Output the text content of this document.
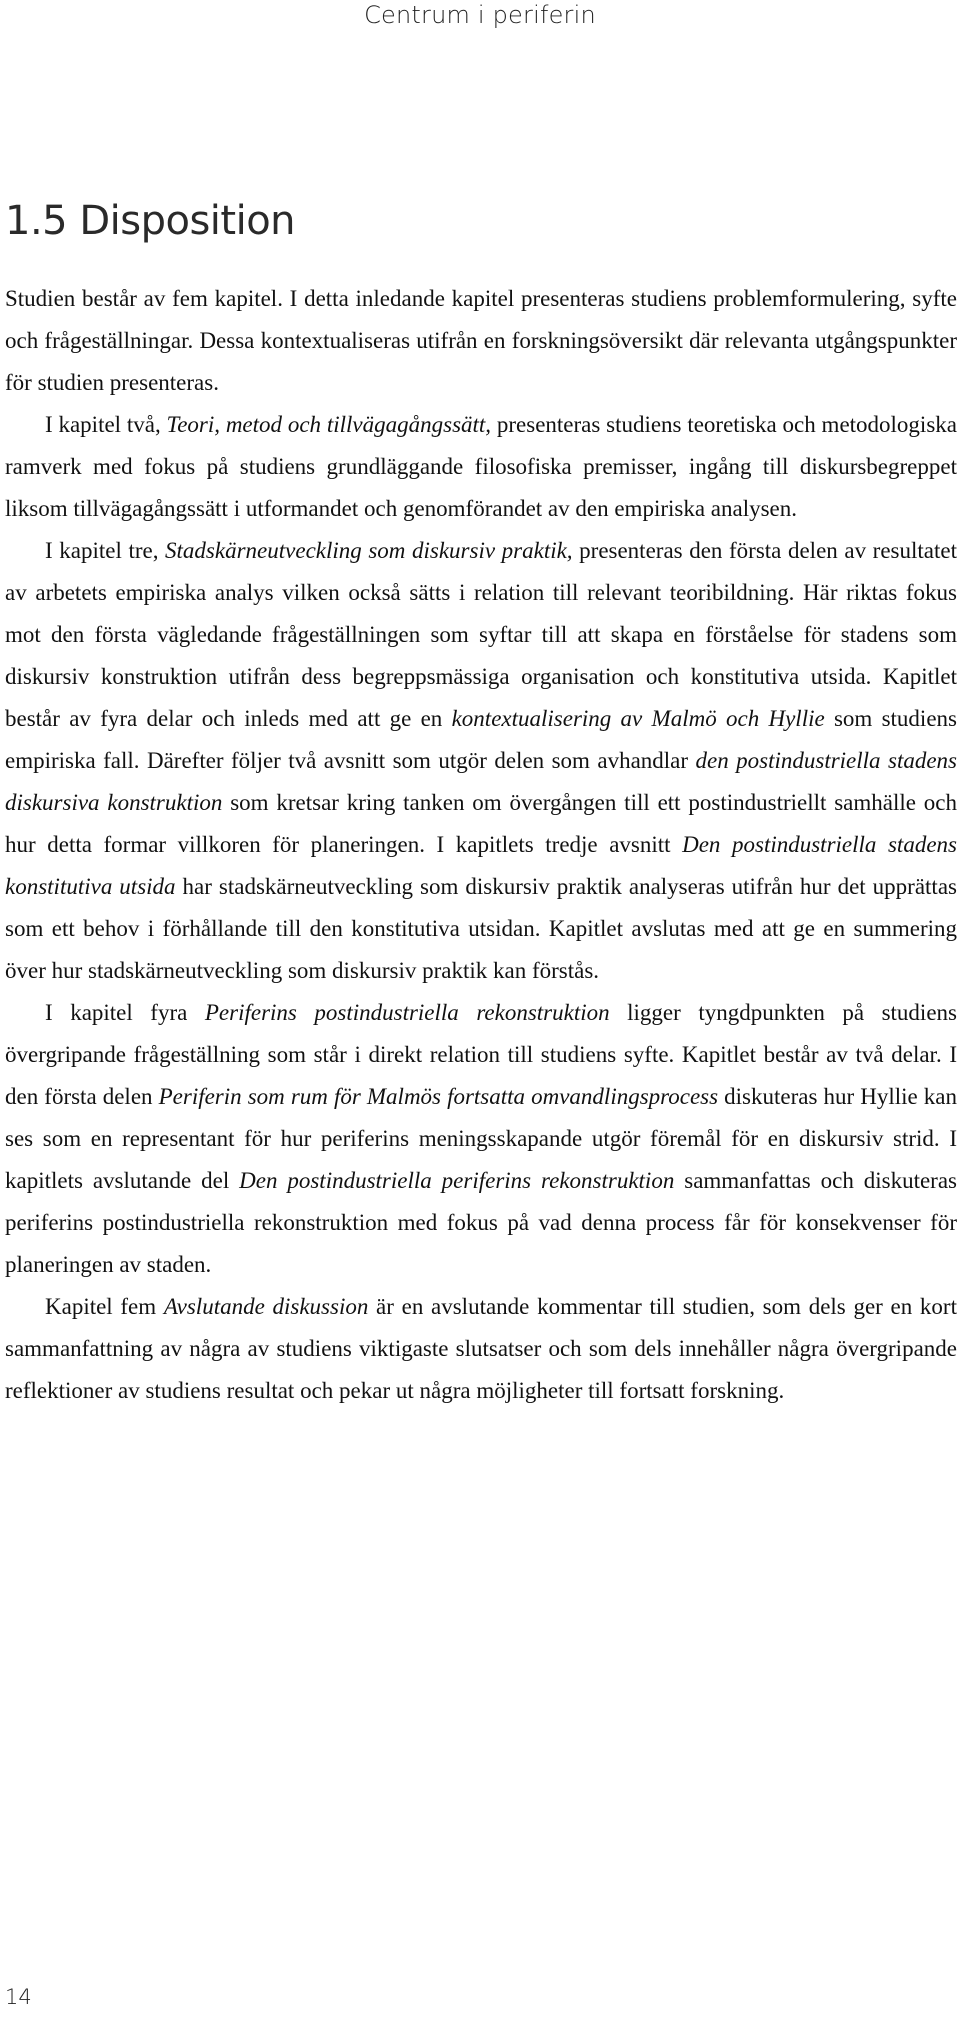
Centrum i periferin
1.5 Disposition

Studien består av fem kapitel. I detta inledande kapitel presenteras studiens problemformulering, syfte och frågeställningar. Dessa kontextualiseras utifrån en forskningsöversikt där relevanta utgångspunkter för studien presenteras.

I kapitel två, Teori, metod och tillvägagångssätt, presenteras studiens teoretiska och metodologiska ramverk med fokus på studiens grundläggande filosofiska premisser, ingång till diskursbegreppet liksom tillvägagångssätt i utformandet och genomförandet av den empiriska analysen.

I kapitel tre, Stadskärneutveckling som diskursiv praktik, presenteras den första delen av resultatet av arbetets empiriska analys vilken också sätts i relation till relevant teoribildning. Här riktas fokus mot den första vägledande frågeställningen som syftar till att skapa en förståelse för stadens som diskursiv konstruktion utifrån dess begreppsmässiga organisation och konstitutiva utsida. Kapitlet består av fyra delar och inleds med att ge en kontextualisering av Malmö och Hyllie som studiens empiriska fall. Därefter följer två avsnitt som utgör delen som avhandlar den postindustriella stadens diskursiva konstruktion som kretsar kring tanken om övergången till ett postindustriellt samhälle och hur detta formar villkoren för planeringen. I kapitlets tredje avsnitt Den postindustriella stadens konstitutiva utsida har stadskärneutveckling som diskursiv praktik analyseras utifrån hur det upprättas som ett behov i förhållande till den konstitutiva utsidan. Kapitlet avslutas med att ge en summering över hur stadskärneutveckling som diskursiv praktik kan förstås.

I kapitel fyra Periferins postindustriella rekonstruktion ligger tyngdpunkten på studiens övergripande frågeställning som står i direkt relation till studiens syfte. Kapitlet består av två delar. I den första delen Periferin som rum för Malmös fortsatta omvandlingsprocess diskuteras hur Hyllie kan ses som en representant för hur periferins meningsskapande utgör föremål för en diskursiv strid. I kapitlets avslutande del Den postindustriella periferins rekonstruktion sammanfattas och diskuteras periferins postindustriella rekonstruktion med fokus på vad denna process får för konsekvenser för planeringen av staden.

Kapitel fem Avslutande diskussion är en avslutande kommentar till studien, som dels ger en kort sammanfattning av några av studiens viktigaste slutsatser och som dels innehåller några övergripande reflektioner av studiens resultat och pekar ut några möjligheter till fortsatt forskning.

14
